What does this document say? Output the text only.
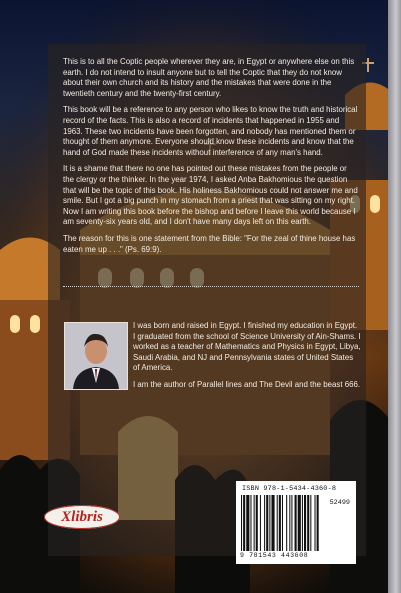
This is to all the Coptic people wherever they are, in Egypt or anywhere else on this earth. I do not intend to insult anyone but to tell the Coptic that they do not know about their own church and its history and the mistakes that were done in the twentieth century and the twenty-first century.

This book will be a reference to any person who likes to know the truth and historical record of the facts. This is also a record of incidents that happened in 1955 and 1963. These two incidents have been forgotten, and nobody has mentioned them or thought of them anymore. Everyone should know these incidents and know that the hand of God made these incidents without interference of any man's hand.

It is a shame that there no one has pointed out these mistakes from the people or the clergy or the thinker. In the year 1974, I asked Anba Bakhomious the question that will be the topic of this book. His holiness Bakhomious could not answer me and smile. But I got a big punch in my stomach from a priest that was sitting on my right. Now I am writing this book before the bishop and before I leave this world because I am seventy-six years old, and I don't have many days left on this earth.

The reason for this is one statement from the Bible: "For the zeal of thine house has eaten me up . . ." (Ps. 69:9).

I was born and raised in Egypt. I finished my education in Egypt. I graduated from the school of Science University of Ain-Shams. I worked as a teacher of Mathematics and Physics in Egypt, Libya, Saudi Arabia, and NJ and Pennsylvania states of United States of America.

I am the author of Parallel lines and The Devil and the beast 666.

Xlibris
ISBN 978-1-5434-4360-8
52499
9 781543 443608
